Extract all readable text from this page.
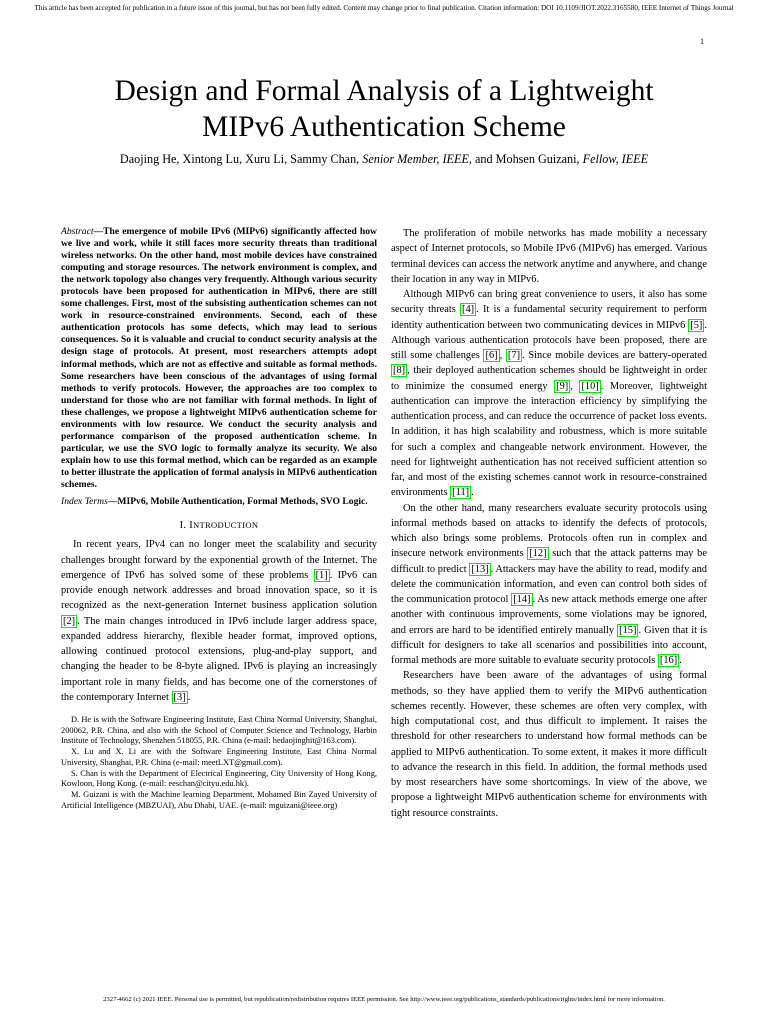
This article has been accepted for publication in a future issue of this journal, but has not been fully edited. Content may change prior to final publication. Citation information: DOI 10.1109/JIOT.2022.3165580, IEEE Internet of Things Journal
1
Design and Formal Analysis of a Lightweight
MIPv6 Authentication Scheme
Daojing He, Xintong Lu, Xuru Li, Sammy Chan, Senior Member, IEEE, and Mohsen Guizani, Fellow, IEEE
Abstract—The emergence of mobile IPv6 (MIPv6) significantly affected how we live and work, while it still faces more security threats than traditional wireless networks. On the other hand, most mobile devices have constrained computing and storage resources. The network environment is complex, and the network topology also changes very frequently. Although various security protocols have been proposed for authentication in MIPv6, there are still some challenges. First, most of the subsisting authentication schemes can not work in resource-constrained environments. Second, each of these authentication protocols has some defects, which may lead to serious consequences. So it is valuable and crucial to conduct security analysis at the design stage of protocols. At present, most researchers attempts adopt informal methods, which are not as effective and suitable as formal methods. Some researchers have been conscious of the advantages of using formal methods to verify protocols. However, the approaches are too complex to understand for those who are not familiar with formal methods. In light of these challenges, we propose a lightweight MIPv6 authentication scheme for environments with low resource. We conduct the security analysis and performance comparison of the proposed authentication scheme. In particular, we use the SVO logic to formally analyze its security. We also explain how to use this formal method, which can be regarded as an example to better illustrate the application of formal analysis in MIPv6 authentication schemes.
Index Terms—MIPv6, Mobile Authentication, Formal Methods, SVO Logic.
I. INTRODUCTION

In recent years, IPv4 can no longer meet the scalability and security challenges brought forward by the exponential growth of the Internet. The emergence of IPv6 has solved some of these problems [1] . IPv6 can provide enough network addresses and broad innovation space, so it is recognized as the next-generation Internet business application solution [2] . The main changes introduced in IPv6 include larger address space, expanded address hierarchy, flexible header format, improved options, allowing continued protocol extensions, plug-and-play support, and changing the header to be 8-byte aligned. IPv6 is playing an increasingly important role in many fields, and has become one of the cornerstones of the contemporary Internet [3] .

D. He is with the Software Engineering Institute, East China Normal University, Shanghai, 200062, P.R. China, and also with the School of Computer Science and Technology, Harbin Institute of Technology, Shenzhen 518055, P.R. China (e-mail: hedaojinghit@163.com).

X. Lu and X. Li are with the Software Engineering Institute, East China Normal University, Shanghai, P.R. China (e-mail: meetLXT@gmail.com).

S. Chan is with the Department of Electrical Engineering, City University of Hong Kong, Kowloon, Hong Kong. (e-mail: eeschan@cityu.edu.hk).

M. Guizani is with the Machine learning Department, Mohamed Bin Zayed University of Artificial Intelligence (MBZUAI), Abu Dhabi, UAE. (e-mail: mguizani@ieee.org)

The proliferation of mobile networks has made mobility a necessary aspect of Internet protocols, so Mobile IPv6 (MIPv6) has emerged. Various terminal devices can access the network anytime and anywhere, and change their location in any way in MIPv6.

Although MIPv6 can bring great convenience to users, it also has some security threats [4] . It is a fundamental security requirement to perform identity authentication between two communicating devices in MIPv6 [5] . Although various authentication protocols have been proposed, there are still some challenges [6] , [7] . Since mobile devices are battery-operated [8] , their deployed authentication schemes should be lightweight in order to minimize the consumed energy [9] , [10] . Moreover, lightweight authentication can improve the interaction efficiency by simplifying the authentication process, and can reduce the occurrence of packet loss events. In addition, it has high scalability and robustness, which is more suitable for such a complex and changeable network environment. However, the need for lightweight authentication has not received sufficient attention so far, and most of the existing schemes cannot work in resource-constrained environments [11] .

On the other hand, many researchers evaluate security protocols using informal methods based on attacks to identify the defects of protocols, which also brings some problems. Protocols often run in complex and insecure network environments [12] such that the attack patterns may be difficult to predict [13] . Attackers may have the ability to read, modify and delete the communication information, and even can control both sides of the communication protocol [14] . As new attack methods emerge one after another with continuous improvements, some violations may be ignored, and errors are hard to be identified entirely manually [15] . Given that it is difficult for designers to take all scenarios and possibilities into account, formal methods are more suitable to evaluate security protocols [16] .

Researchers have been aware of the advantages of using formal methods, so they have applied them to verify the MIPv6 authentication schemes recently. However, these schemes are often very complex, with high computational cost, and thus difficult to implement. It raises the threshold for other researchers to understand how formal methods can be applied to MIPv6 authentication. To some extent, it makes it more difficult to advance the research in this field. In addition, the formal methods used by most researchers have some shortcomings. In view of the above, we propose a lightweight MIPv6 authentication scheme for environments with tight resource constraints.

2327-4662 (c) 2021 IEEE. Personal use is permitted, but republication/redistribution requires IEEE permission. See http://www.ieee.org/publications_standards/publications/rights/index.html for more information.
